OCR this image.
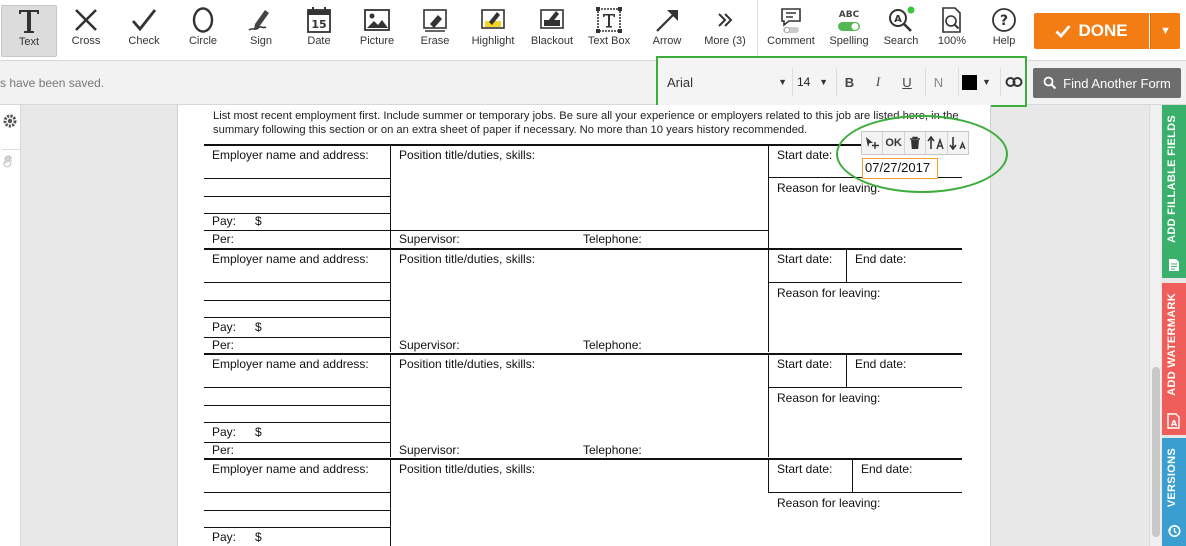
Text	Cross	Check	Circle	Sign
15
Date	Picture	Erase	Highlight	Blackout	Text Box	Arrow	More (3)	Comment
ABC
Spelling
A
Search	100%
?
Help
DONE	▼
s have been saved.	Arial	▼ 14 ▼	B	I	U	N	▼	Find Another Form
List most recent employment first. Include summer or temporary jobs. Be sure all your experience or employers related to this job are listed here, in the summary following this section or on an extra sheet of paper if necessary. No more than 10 years history recommended.
Employer name and address:	Position title/duties, skills:	Start date:
Reason for leaving:
Pay: $
Per:	Supervisor:	Telephone:
Employer name and address:	Position title/duties, skills:	Start date: End date:
Reason for leaving:
Pay: $
Per:	Supervisor:	Telephone:
Employer name and address:	Position title/duties, skills:	Start date: End date:
Reason for leaving:
Pay: $
Per:	Supervisor:	Telephone:
Employer name and address:	Position title/duties, skills:	Start date: End date:
Reason for leaving:
Pay: $
OK
07/27/2017	ADD FILLABLE FIELDS
ADD WATERMARK
A
VERSIONS
